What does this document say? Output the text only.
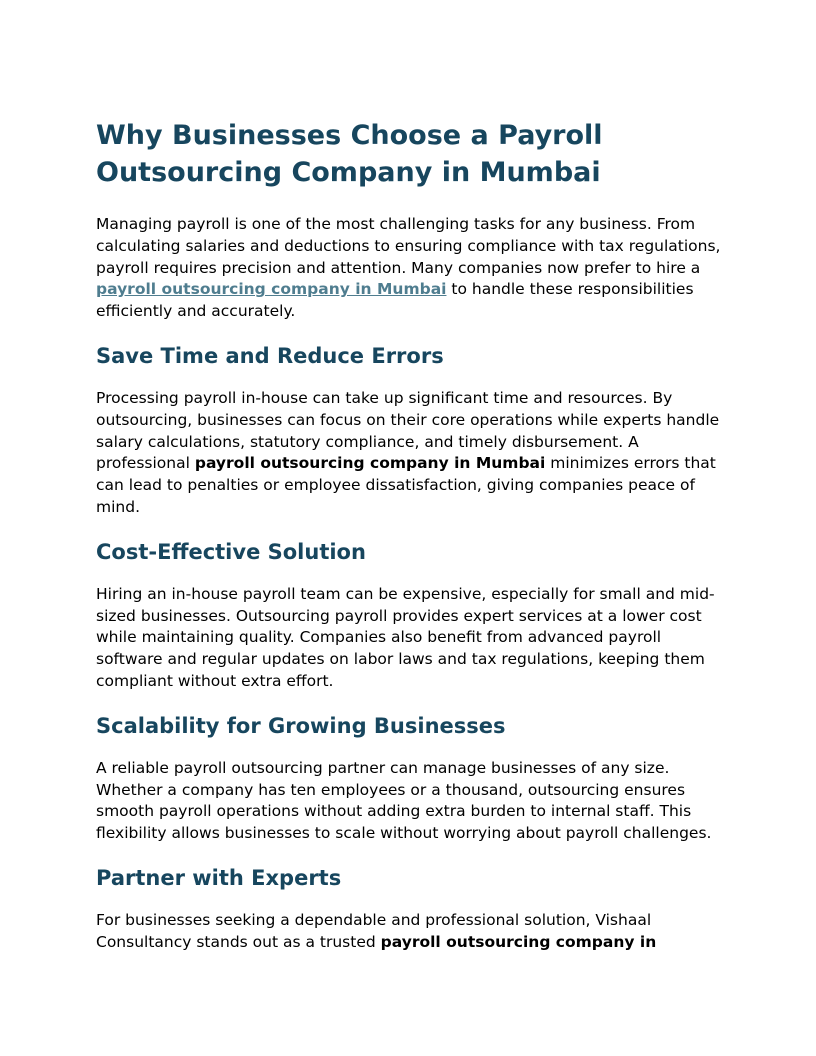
Why Businesses Choose a Payroll Outsourcing Company in Mumbai

Managing payroll is one of the most challenging tasks for any business. From calculating salaries and deductions to ensuring compliance with tax regulations, payroll requires precision and attention. Many companies now prefer to hire a payroll outsourcing company in Mumbai to handle these responsibilities efficiently and accurately.

Save Time and Reduce Errors

Processing payroll in-house can take up significant time and resources. By outsourcing, businesses can focus on their core operations while experts handle salary calculations, statutory compliance, and timely disbursement. A professional payroll outsourcing company in Mumbai minimizes errors that can lead to penalties or employee dissatisfaction, giving companies peace of mind.

Cost-Effective Solution

Hiring an in-house payroll team can be expensive, especially for small and mid-sized businesses. Outsourcing payroll provides expert services at a lower cost while maintaining quality. Companies also benefit from advanced payroll software and regular updates on labor laws and tax regulations, keeping them compliant without extra effort.

Scalability for Growing Businesses

A reliable payroll outsourcing partner can manage businesses of any size. Whether a company has ten employees or a thousand, outsourcing ensures smooth payroll operations without adding extra burden to internal staff. This flexibility allows businesses to scale without worrying about payroll challenges.

Partner with Experts

For businesses seeking a dependable and professional solution, Vishaal Consultancy stands out as a trusted payroll outsourcing company in
